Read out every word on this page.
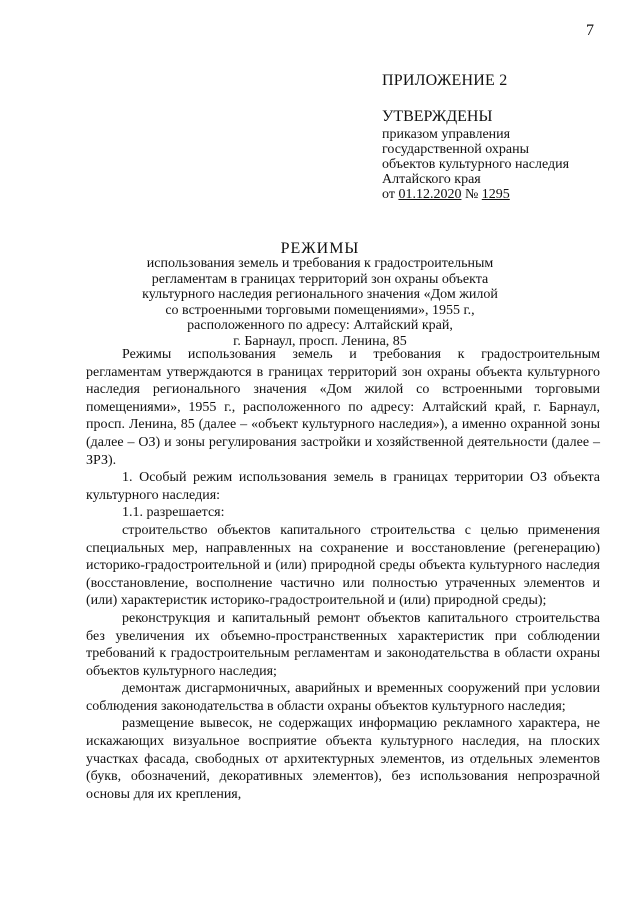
7
ПРИЛОЖЕНИЕ 2
УТВЕРЖДЕНЫ
приказом управления
государственной охраны
объектов культурного наследия
Алтайского края
от 01.12.2020 № 1295
РЕЖИМЫ
использования земель и требования к градостроительным
регламентам в границах территорий зон охраны объекта
культурного наследия регионального значения «Дом жилой
со встроенными торговыми помещениями», 1955 г.,
расположенного по адресу: Алтайский край,
г. Барнаул, просп. Ленина, 85

Режимы использования земель и требования к градостроительным регламентам утверждаются в границах территорий зон охраны объекта культурного наследия регионального значения «Дом жилой со встроенными торговыми помещениями», 1955 г., расположенного по адресу: Алтайский край, г. Барнаул, просп. Ленина, 85 (далее – «объект культурного наследия»), а именно охранной зоны (далее – ОЗ) и зоны регулирования застройки и хозяйственной деятельности (далее – ЗРЗ).

1. Особый режим использования земель в границах территории ОЗ объекта культурного наследия:

1.1. разрешается:

строительство объектов капитального строительства с целью применения специальных мер, направленных на сохранение и восстановление (регенерацию) историко-градостроительной и (или) природной среды объекта культурного наследия (восстановление, восполнение частично или полностью утраченных элементов и (или) характеристик историко-градостроительной и (или) природной среды);

реконструкция и капитальный ремонт объектов капитального строительства без увеличения их объемно-пространственных характеристик при соблюдении требований к градостроительным регламентам и законодательства в области охраны объектов культурного наследия;

демонтаж дисгармоничных, аварийных и временных сооружений при условии соблюдения законодательства в области охраны объектов культурного наследия;

размещение вывесок, не содержащих информацию рекламного характера, не искажающих визуальное восприятие объекта культурного наследия, на плоских участках фасада, свободных от архитектурных элементов, из отдельных элементов (букв, обозначений, декоративных элементов), без использования непрозрачной основы для их крепления,
